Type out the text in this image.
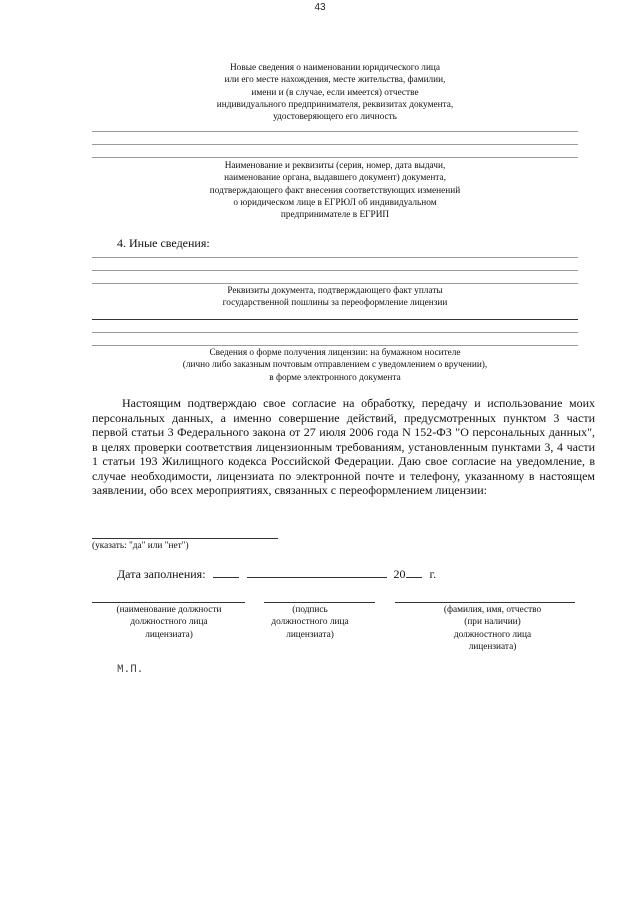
43
Новые сведения о наименовании юридического лица
или его месте нахождения, месте жительства, фамилии,
имени и (в случае, если имеется) отчестве
индивидуального предпринимателя, реквизитах документа,
удостоверяющего его личность
Наименование и реквизиты (серия, номер, дата выдачи,
наименование органа, выдавшего документ) документа,
подтверждающего факт внесения соответствующих изменений
о юридическом лице в ЕГРЮЛ об индивидуальном
предпринимателе в ЕГРИП
4. Иные сведения:
Реквизиты документа, подтверждающего факт уплаты
государственной пошлины за переоформление лицензии
Сведения о форме получения лицензии: на бумажном носителе
(лично либо заказным почтовым отправлением с уведомлением о вручении),
в форме электронного документа
Настоящим подтверждаю свое согласие на обработку, передачу и использование моих персональных данных, а именно совершение действий, предусмотренных пунктом 3 части первой статьи 3 Федерального закона от 27 июля 2006 года N 152-ФЗ "О персональных данных", в целях проверки соответствия лицензионным требованиям, установленным пунктами 3, 4 части 1 статьи 193 Жилищного кодекса Российской Федерации. Даю свое согласие на уведомление, в случае необходимости, лицензиата по электронной почте и телефону, указанному в настоящем заявлении, обо всех мероприятиях, связанных с переоформлением лицензии:
(указать: "да" или "нет")
Дата заполнения:	20 г.
(наименование должности
должностного лица
лицензиата)
(подпись
должностного лица
лицензиата)
(фамилия, имя, отчество
(при наличии)
должностного лица
лицензиата)
М.П.
